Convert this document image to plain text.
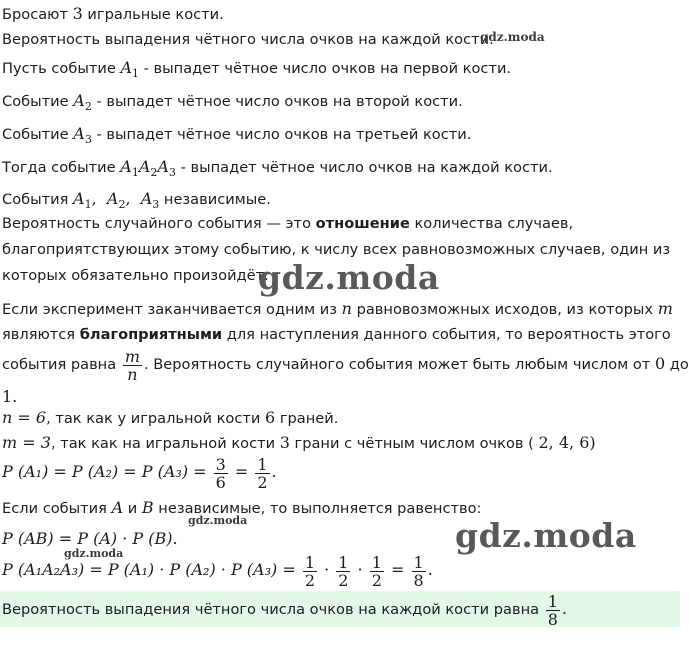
Бросают 3 игральные кости.
Вероятность выпадения чётного числа очков на каждой кости.
Пусть событие $A_1$ - выпадет чётное число очков на первой кости.
Событие $A_2$ - выпадет чётное число очков на второй кости.
Событие $A_3$ - выпадет чётное число очков на третьей кости.
Тогда событие $A_1A_2A_3$ - выпадет чётное число очков на каждой кости.
События $A_1$,  $A_2$,  $A_3$ независимые.
Вероятность случайного события — это отношение количества случаев,
благоприятствующих этому событию, к числу всех равновозможных случаев, один из
которых обязательно произойдёт.
Если эксперимент заканчивается одним из n равновозможных исходов, из которых m
являются благоприятными для наступления данного события, то вероятность этого
события равна $\frac{m}{n}$ . Вероятность случайного события может быть любым числом от 0 до
1.
n = 6, так как у игральной кости 6 граней.
m = 3, так как на игральной кости 3 грани с чётным числом очков ( 2, 4, 6)
P (A₁) = P (A₂) = P $(A_3) = \frac{3}{6} = \frac{1}{2}$ .
Если события A и B независимые, то выполняется равенство:
P (AB) = P (A) · P (B).
P (A₁A₂A₃) = P (A₁) · P (A₂) · P $(A_3) = \frac{1}{2} \cdot \frac{1}{2} \cdot \frac{1}{2} = \frac{1}{8}$ .
Вероятность выпадения чётного числа очков на каждой кости равна $\frac{1}{8}$ .
gdz.moda
gdz.moda
gdz.moda	gdz.moda
gdz.moda
